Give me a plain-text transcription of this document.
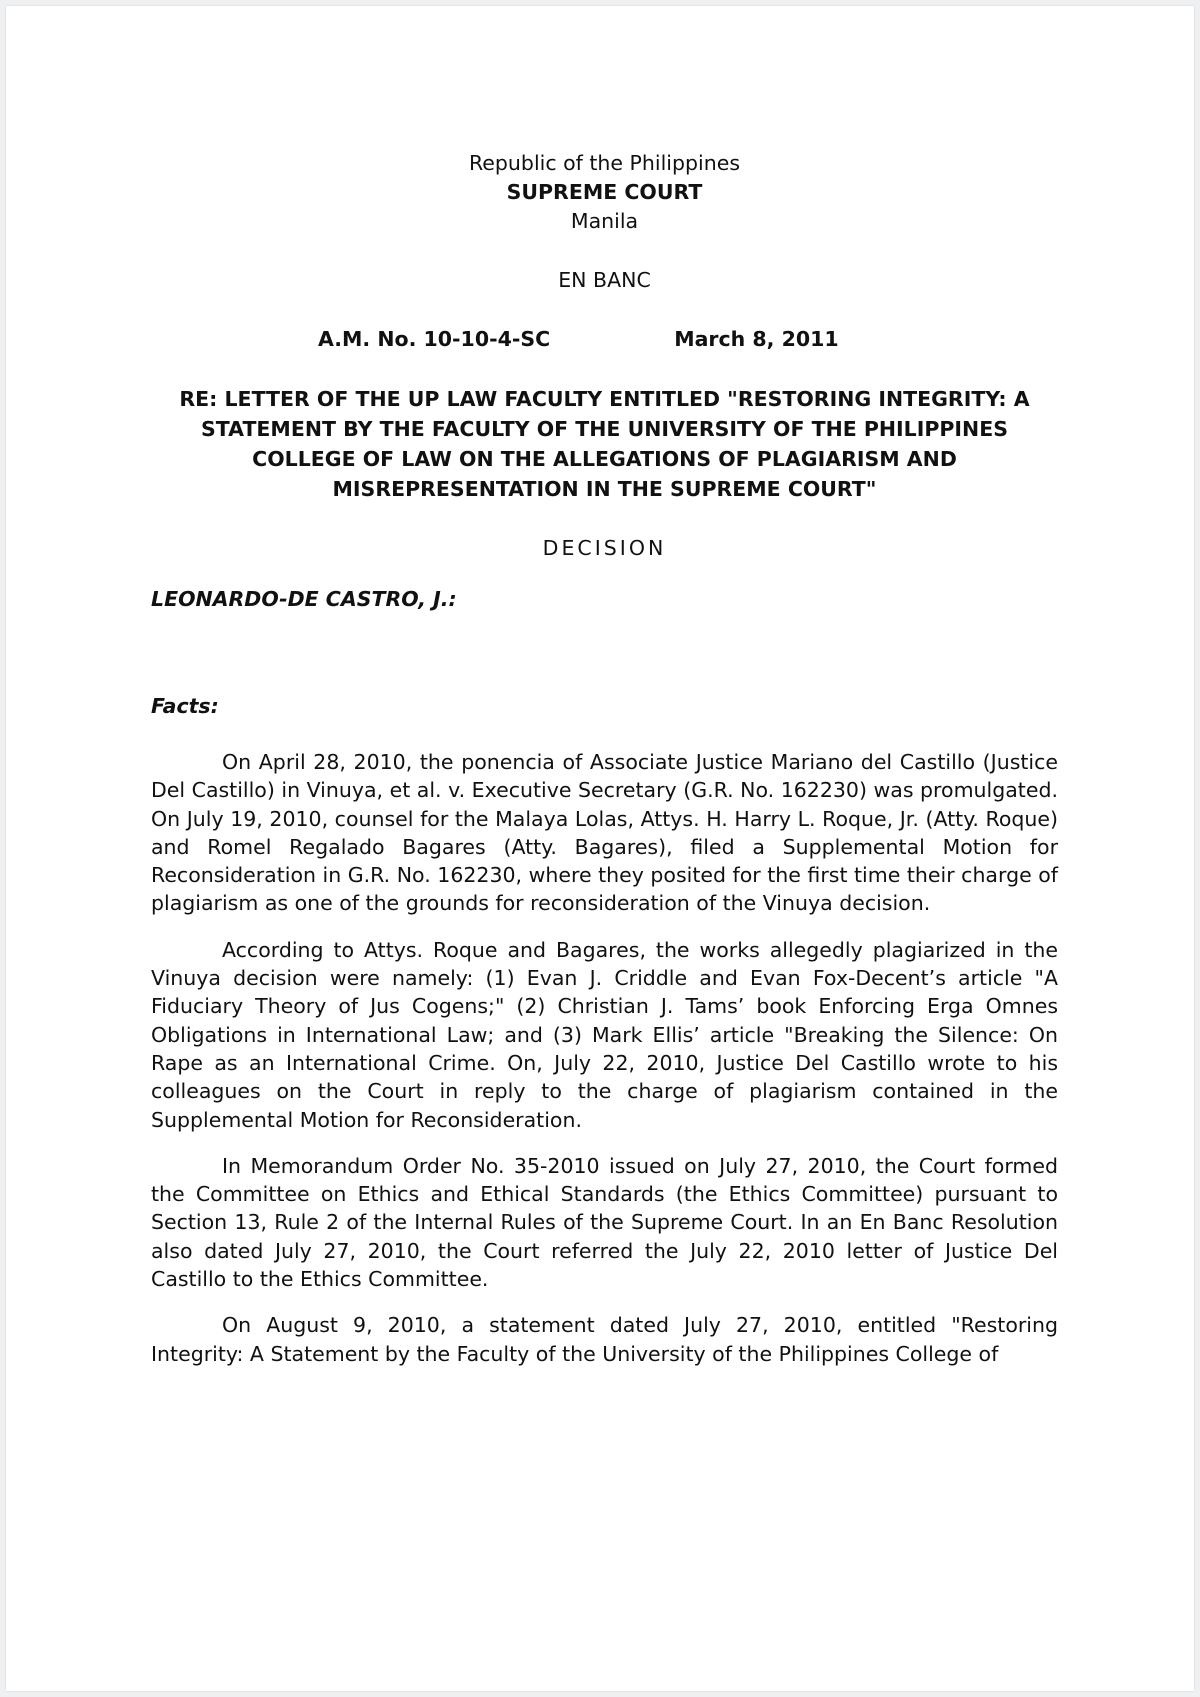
Republic of the Philippines

SUPREME COURT

Manila

EN BANC

A.M. No. 10-10-4-SC	March 8, 2011

RE: LETTER OF THE UP LAW FACULTY ENTITLED "RESTORING INTEGRITY: A STATEMENT BY THE FACULTY OF THE UNIVERSITY OF THE PHILIPPINES COLLEGE OF LAW ON THE ALLEGATIONS OF PLAGIARISM AND MISREPRESENTATION IN THE SUPREME COURT"

DECISION

LEONARDO-DE CASTRO, J.:

Facts:

On April 28, 2010, the ponencia of Associate Justice Mariano del Castillo (Justice Del Castillo) in Vinuya, et al. v. Executive Secretary (G.R. No. 162230) was promulgated. On July 19, 2010, counsel for the Malaya Lolas, Attys. H. Harry L. Roque, Jr. (Atty. Roque) and Romel Regalado Bagares (Atty. Bagares), filed a Supplemental Motion for Reconsideration in G.R. No. 162230, where they posited for the first time their charge of plagiarism as one of the grounds for reconsideration of the Vinuya decision.

According to Attys. Roque and Bagares, the works allegedly plagiarized in the Vinuya decision were namely: (1) Evan J. Criddle and Evan Fox-Decent’s article "A Fiduciary Theory of Jus Cogens;" (2) Christian J. Tams’ book Enforcing Erga Omnes Obligations in International Law; and (3) Mark Ellis’ article "Breaking the Silence: On Rape as an International Crime. On, July 22, 2010, Justice Del Castillo wrote to his colleagues on the Court in reply to the charge of plagiarism contained in the Supplemental Motion for Reconsideration.

In Memorandum Order No. 35-2010 issued on July 27, 2010, the Court formed the Committee on Ethics and Ethical Standards (the Ethics Committee) pursuant to Section 13, Rule 2 of the Internal Rules of the Supreme Court. In an En Banc Resolution also dated July 27, 2010, the Court referred the July 22, 2010 letter of Justice Del Castillo to the Ethics Committee.

On August 9, 2010, a statement dated July 27, 2010, entitled "Restoring Integrity: A Statement by the Faculty of the University of the Philippines College of
